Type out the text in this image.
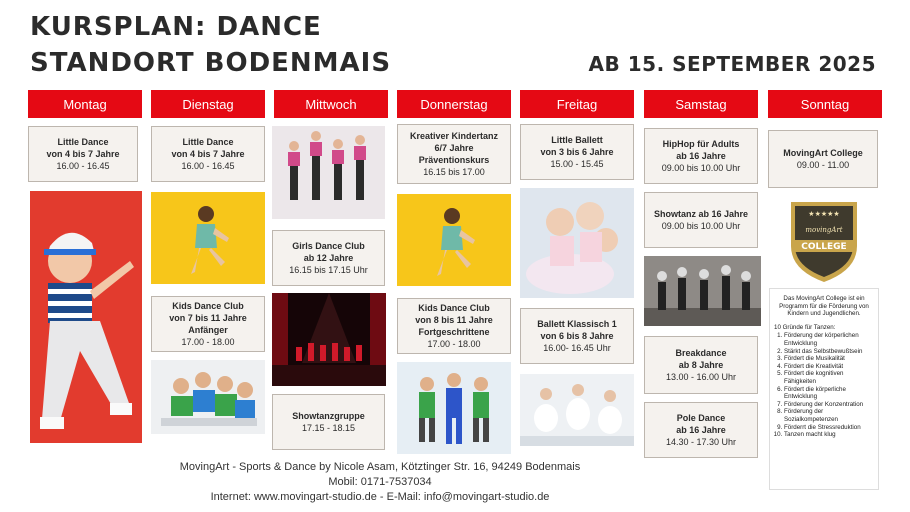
KURSPLAN: DANCE
STANDORT BODENMAIS	AB 15. SEPTEMBER 2025
Montag	Dienstag	Mittwoch	Donnerstag	Freitag	Samstag	Sonntag
Little Dance
von 4 bis 7 Jahre
16.00 - 16.45
Little Dance
von 4 bis 7 Jahre
16.00 - 16.45
Kids Dance Club
von 7 bis 11 Jahre
Anfänger
17.00 - 18.00
Girls Dance Club
ab 12 Jahre
16.15 bis 17.15 Uhr
Showtanzgruppe
17.15 - 18.15
Kreativer Kindertanz
6/7 Jahre
Präventionskurs
16.15 bis 17.00
Kids Dance Club
von 8 bis 11 Jahre
Fortgeschrittene
17.00 - 18.00
Little Ballett
von 3 bis 6 Jahre
15.00 - 15.45
Ballett Klassisch 1
von 6 bis 8 Jahre
16.00- 16.45 Uhr
HipHop für Adults
ab 16 Jahre
09.00 bis 10.00 Uhr
Showtanz ab 16 Jahre
09.00 bis 10.00 Uhr
Breakdance
ab 8 Jahre
13.00 - 16.00 Uhr
Pole Dance
ab 16 Jahre
14.30 - 17.30 Uhr
MovingArt College
09.00 - 11.00
★★★★★
movingArt
COLLEGE

Das MovingArt College ist ein Programm für die Förderung von Kindern und Jugendlichen.

10 Gründe für Tanzen:
1. Förderung der körperlichen Entwicklung
2. Stärkt das Selbstbewußtsein
3. Fördert die Musikalität
4. Fördert die Kreativität
5. Fördert die kognitiven Fähigkeiten
6. Fördert die körperliche Entwicklung
7. Förderung der Konzentration
8. Förderung der Sozialkompetenzen
9. Förderrt die Stressreduktion
10. Tanzen macht klug
MovingArt - Sports & Dance by Nicole Asam, Kötztinger Str. 16, 94249 Bodenmais
Mobil: 0171-7537034
Internet: www.movingart-studio.de - E-Mail: info@movingart-studio.de
